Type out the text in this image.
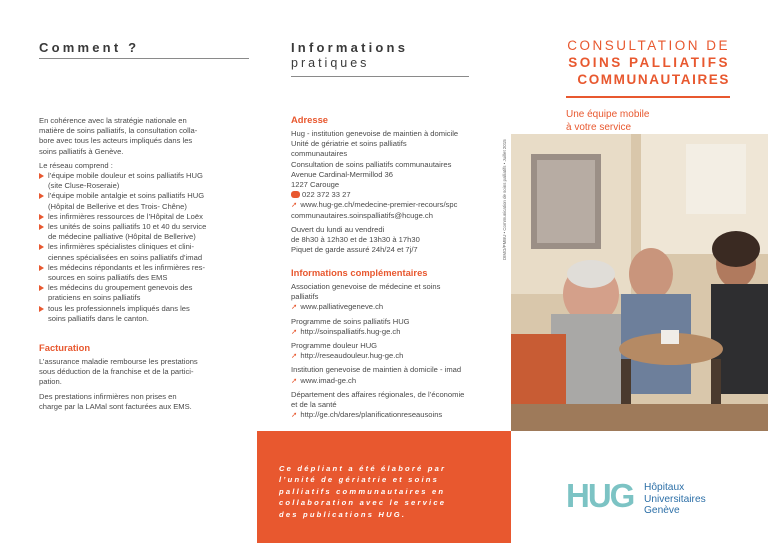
Comment ?
En cohérence avec la stratégie nationale en
matière de soins palliatifs, la consultation colla-
bore avec tous les acteurs impliqués dans les
soins palliatifs à Genève.
Le réseau comprend :
l’équipe mobile douleur et soins palliatifs HUG
(site Cluse-Roseraie)
l’équipe mobile antalgie et soins palliatifs HUG
(Hôpital de Bellerive et des Trois- Chêne)
les infirmières ressources de l’Hôpital de Loëx
les unités de soins palliatifs 10 et 40 du service
de médecine palliative (Hôpital de Bellerive)
les infirmières spécialistes cliniques et clini-
ciennes spécialisées en soins palliatifs d’imad
les médecins répondants et les infirmières res-
sources en soins palliatifs des EMS
les médecins du groupement genevois des
praticiens en soins palliatifs
tous les professionnels impliqués dans les
soins palliatifs dans le canton.
Facturation
L’assurance maladie rembourse les prestations
sous déduction de la franchise et de la partici-
pation.
Des prestations infirmières non prises en
charge par la LAMal sont facturées aux EMS.
Informations
pratiques
Adresse
Hug - institution genevoise de maintien à domicile
Unité de gériatrie et soins palliatifs
communautaires
Consultation de soins palliatifs communautaires
Avenue Cardinal-Mermillod 36
1227 Carouge
022 372 33 27
➚ www.hug-ge.ch/medecine-premier-recours/spc
communautaires.soinspalliatifs@hcuge.ch
Ouvert du lundi au vendredi
de 8h30 à 12h30 et de 13h30 à 17h30
Piquet de garde assuré 24h/24 et 7j/7
Informations complémentaires
Association genevoise de médecine et soins
palliatifs
➚ www.palliativegeneve.ch
Programme de soins palliatifs HUG
➚ http://soinspalliatifs.hug-ge.ch
Programme douleur HUG
➚ http://reseaudouleur.hug-ge.ch
Institution genevoise de maintien à domicile - imad
➚ www.imad-ge.ch
Département des affaires régionales, de l’économie
et de la santé
➚ http://ge.ch/dares/planificationreseausoins
DIMO/PMBU • Communication de soins palliatifs • Juillet 2015
Ce dépliant a été élaboré par
l’unité de gériatrie et soins
palliatifs communautaires en
collaboration avec le service
des publications HUG.
CONSULTATION DE
SOINS PALLIATIFS
COMMUNAUTAIRES
Une équipe mobile
à votre service
HUG Hôpitaux
Universitaires
Genève
